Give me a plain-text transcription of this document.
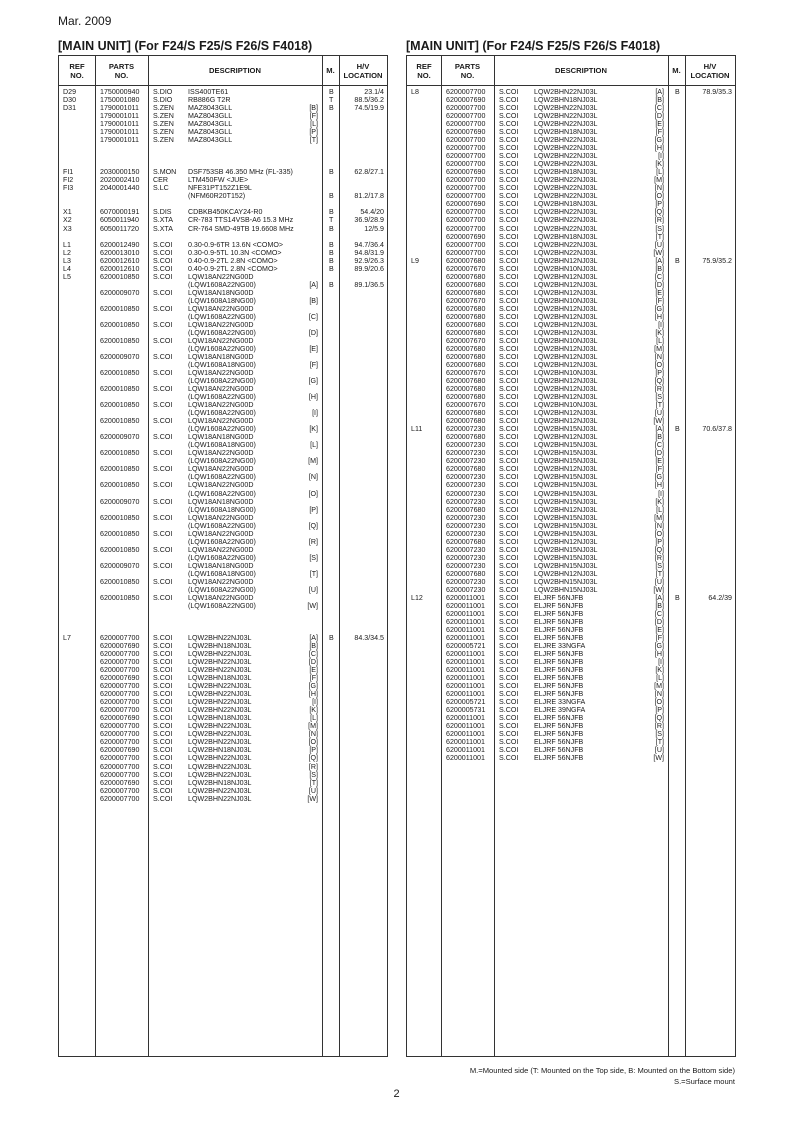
Mar. 2009
[MAIN UNIT] (For F24/S F25/S F26/S F4018)	[MAIN UNIT] (For F24/S F25/S F26/S F4018)
REF
NO.
PARTS
NO.	DESCRIPTION	M.	H/V
LOCATION
D29	1750000940 S.DIO ISS400TE61	B	23.1/4
D30	1750001080 S.DIO RB886G T2R	T	88.5/36.2
D31	1790001011 S.ZEN MAZ8043GLL	[B] B	74.5/19.9
1790001011 S.ZEN MAZ8043GLL	[F]
1790001011 S.ZEN MAZ8043GLL	[L]
1790001011 S.ZEN MAZ8043GLL	[P]
1790001011 S.ZEN MAZ8043GLL	[T]
FI1	2030000150 S.MON DSF753SB 46.350 MHz (FL-335)	B	62.8/27.1
FI2	2020002410 CER	LTM450FW <JUE>
FI3	2040001440 S.LC	NFE31PT152Z1E9L
(NFM60R20T152)	B	81.2/17.8
X1	6070000191 S.DIS CDBKB450KCAY24-R0	B	54.4/20
X2	6050011940 S.XTA CR-783 TTS14VSB-A6 15.3 MHz	T	36.9/28.9
X3	6050011720 S.XTA CR-764 SMD-49TB 19.6608 MHz	B	12/5.9
L1	6200012490 S.COI 0.30-0.9-6TR 13.6N <COMO>	B	94.7/36.4
L2	6200013010 S.COI 0.30-0.9-5TL 10.3N <COMO>	B	94.8/31.9
L3	6200012610 S.COI 0.40-0.9-2TL 2.8N <COMO>	B	92.9/26.3
L4	6200012610 S.COI 0.40-0.9-2TL 2.8N <COMO>	B	89.9/20.6
L5	6200010850 S.COI LQW18AN22NG00D
(LQW1608A22NG00)	[A] B	89.1/36.5
6200009070 S.COI LQW18AN18NG00D
(LQW1608A18NG00)	[B]
6200010850 S.COI LQW18AN22NG00D
(LQW1608A22NG00)	[C]
6200010850 S.COI LQW18AN22NG00D
(LQW1608A22NG00)	[D]
6200010850 S.COI LQW18AN22NG00D
(LQW1608A22NG00)	[E]
6200009070 S.COI LQW18AN18NG00D
(LQW1608A18NG00)	[F]
6200010850 S.COI LQW18AN22NG00D
(LQW1608A22NG00)	[G]
6200010850 S.COI LQW18AN22NG00D
(LQW1608A22NG00)	[H]
6200010850 S.COI LQW18AN22NG00D
(LQW1608A22NG00)	[I]
6200010850 S.COI LQW18AN22NG00D
(LQW1608A22NG00)	[K]
6200009070 S.COI LQW18AN18NG00D
(LQW1608A18NG00)	[L]
6200010850 S.COI LQW18AN22NG00D
(LQW1608A22NG00)	[M]
6200010850 S.COI LQW18AN22NG00D
(LQW1608A22NG00)	[N]
6200010850 S.COI LQW18AN22NG00D
(LQW1608A22NG00)	[O]
6200009070 S.COI LQW18AN18NG00D
(LQW1608A18NG00)	[P]
6200010850 S.COI LQW18AN22NG00D
(LQW1608A22NG00)	[Q]
6200010850 S.COI LQW18AN22NG00D
(LQW1608A22NG00)	[R]
6200010850 S.COI LQW18AN22NG00D
(LQW1608A22NG00)	[S]
6200009070 S.COI LQW18AN18NG00D
(LQW1608A18NG00)	[T]
6200010850 S.COI LQW18AN22NG00D
(LQW1608A22NG00)	[U]
6200010850 S.COI LQW18AN22NG00D
(LQW1608A22NG00)	[W]
L7	6200007700 S.COI LQW2BHN22NJ03L	[A] B	84.3/34.5
6200007690 S.COI LQW2BHN18NJ03L	[B]
6200007700 S.COI LQW2BHN22NJ03L	[C]
6200007700 S.COI LQW2BHN22NJ03L	[D]
6200007700 S.COI LQW2BHN22NJ03L	[E]
6200007690 S.COI LQW2BHN18NJ03L	[F]
6200007700 S.COI LQW2BHN22NJ03L	[G]
6200007700 S.COI LQW2BHN22NJ03L	[H]
6200007700 S.COI LQW2BHN22NJ03L	[I]
6200007700 S.COI LQW2BHN22NJ03L	[K]
6200007690 S.COI LQW2BHN18NJ03L	[L]
6200007700 S.COI LQW2BHN22NJ03L	[M]
6200007700 S.COI LQW2BHN22NJ03L	[N]
6200007700 S.COI LQW2BHN22NJ03L	[O]
6200007690 S.COI LQW2BHN18NJ03L	[P]
6200007700 S.COI LQW2BHN22NJ03L	[Q]
6200007700 S.COI LQW2BHN22NJ03L	[R]
6200007700 S.COI LQW2BHN22NJ03L	[S]
6200007690 S.COI LQW2BHN18NJ03L	[T]
6200007700 S.COI LQW2BHN22NJ03L	[U]
6200007700 S.COI LQW2BHN22NJ03L	[W]
REF
NO.
PARTS
NO.	DESCRIPTION	M.	H/V
LOCATION
L8	6200007700 S.COI LQW2BHN22NJ03L	[A] B	78.9/35.3
6200007690 S.COI LQW2BHN18NJ03L	[B]
6200007700 S.COI LQW2BHN22NJ03L	[C]
6200007700 S.COI LQW2BHN22NJ03L	[D]
6200007700 S.COI LQW2BHN22NJ03L	[E]
6200007690 S.COI LQW2BHN18NJ03L	[F]
6200007700 S.COI LQW2BHN22NJ03L	[G]
6200007700 S.COI LQW2BHN22NJ03L	[H]
6200007700 S.COI LQW2BHN22NJ03L	[I]
6200007700 S.COI LQW2BHN22NJ03L	[K]
6200007690 S.COI LQW2BHN18NJ03L	[L]
6200007700 S.COI LQW2BHN22NJ03L	[M]
6200007700 S.COI LQW2BHN22NJ03L	[N]
6200007700 S.COI LQW2BHN22NJ03L	[O]
6200007690 S.COI LQW2BHN18NJ03L	[P]
6200007700 S.COI LQW2BHN22NJ03L	[Q]
6200007700 S.COI LQW2BHN22NJ03L	[R]
6200007700 S.COI LQW2BHN22NJ03L	[S]
6200007690 S.COI LQW2BHN18NJ03L	[T]
6200007700 S.COI LQW2BHN22NJ03L	[U]
6200007700 S.COI LQW2BHN22NJ03L	[W]
L9	6200007680 S.COI LQW2BHN12NJ03L	[A] B	75.9/35.2
6200007670 S.COI LQW2BHN10NJ03L	[B]
6200007680 S.COI LQW2BHN12NJ03L	[C]
6200007680 S.COI LQW2BHN12NJ03L	[D]
6200007680 S.COI LQW2BHN12NJ03L	[E]
6200007670 S.COI LQW2BHN10NJ03L	[F]
6200007680 S.COI LQW2BHN12NJ03L	[G]
6200007680 S.COI LQW2BHN12NJ03L	[H]
6200007680 S.COI LQW2BHN12NJ03L	[I]
6200007680 S.COI LQW2BHN12NJ03L	[K]
6200007670 S.COI LQW2BHN10NJ03L	[L]
6200007680 S.COI LQW2BHN12NJ03L	[M]
6200007680 S.COI LQW2BHN12NJ03L	[N]
6200007680 S.COI LQW2BHN12NJ03L	[O]
6200007670 S.COI LQW2BHN10NJ03L	[P]
6200007680 S.COI LQW2BHN12NJ03L	[Q]
6200007680 S.COI LQW2BHN12NJ03L	[R]
6200007680 S.COI LQW2BHN12NJ03L	[S]
6200007670 S.COI LQW2BHN10NJ03L	[T]
6200007680 S.COI LQW2BHN12NJ03L	[U]
6200007680 S.COI LQW2BHN12NJ03L	[W]
L11	6200007230 S.COI LQW2BHN15NJ03L	[A] B	70.6/37.8
6200007680 S.COI LQW2BHN12NJ03L	[B]
6200007230 S.COI LQW2BHN15NJ03L	[C]
6200007230 S.COI LQW2BHN15NJ03L	[D]
6200007230 S.COI LQW2BHN15NJ03L	[E]
6200007680 S.COI LQW2BHN12NJ03L	[F]
6200007230 S.COI LQW2BHN15NJ03L	[G]
6200007230 S.COI LQW2BHN15NJ03L	[H]
6200007230 S.COI LQW2BHN15NJ03L	[I]
6200007230 S.COI LQW2BHN15NJ03L	[K]
6200007680 S.COI LQW2BHN12NJ03L	[L]
6200007230 S.COI LQW2BHN15NJ03L	[M]
6200007230 S.COI LQW2BHN15NJ03L	[N]
6200007230 S.COI LQW2BHN15NJ03L	[O]
6200007680 S.COI LQW2BHN12NJ03L	[P]
6200007230 S.COI LQW2BHN15NJ03L	[Q]
6200007230 S.COI LQW2BHN15NJ03L	[R]
6200007230 S.COI LQW2BHN15NJ03L	[S]
6200007680 S.COI LQW2BHN12NJ03L	[T]
6200007230 S.COI LQW2BHN15NJ03L	[U]
6200007230 S.COI LQW2BHN15NJ03L	[W]
L12	6200011001 S.COI ELJRF 56NJFB	[A] B	64.2/39
6200011001 S.COI ELJRF 56NJFB	[B]
6200011001 S.COI ELJRF 56NJFB	[C]
6200011001 S.COI ELJRF 56NJFB	[D]
6200011001 S.COI ELJRF 56NJFB	[E]
6200011001 S.COI ELJRF 56NJFB	[F]
6200005721 S.COI ELJRE 33NGFA	[G]
6200011001 S.COI ELJRF 56NJFB	[H]
6200011001 S.COI ELJRF 56NJFB	[I]
6200011001 S.COI ELJRF 56NJFB	[K]
6200011001 S.COI ELJRF 56NJFB	[L]
6200011001 S.COI ELJRF 56NJFB	[M]
6200011001 S.COI ELJRF 56NJFB	[N]
6200005721 S.COI ELJRE 33NGFA	[O]
6200005731 S.COI ELJRE 39NGFA	[P]
6200011001 S.COI ELJRF 56NJFB	[Q]
6200011001 S.COI ELJRF 56NJFB	[R]
6200011001 S.COI ELJRF 56NJFB	[S]
6200011001 S.COI ELJRF 56NJFB	[T]
6200011001 S.COI ELJRF 56NJFB	[U]
6200011001 S.COI ELJRF 56NJFB	[W]
M.=Mounted side (T: Mounted on the Top side, B: Mounted on the Bottom side)
S.=Surface mount
2
